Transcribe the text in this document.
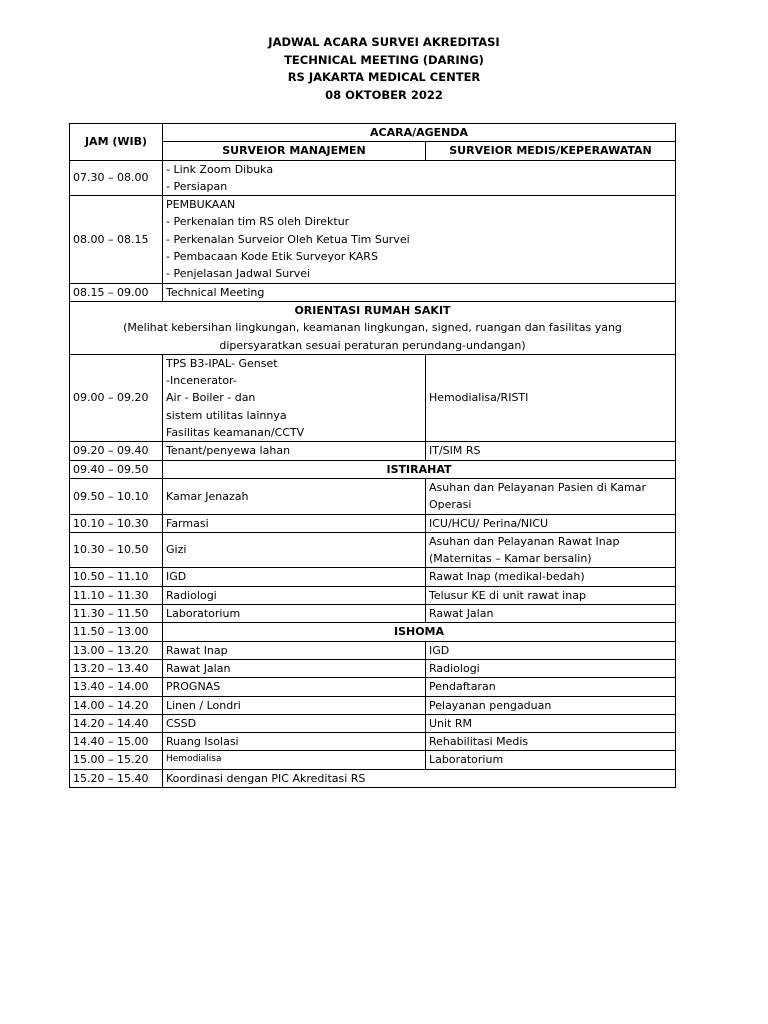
JADWAL ACARA SURVEI AKREDITASI
TECHNICAL MEETING (DARING)
RS JAKARTA MEDICAL CENTER
08 OKTOBER 2022
JAM (WIB)	ACARA/AGENDA	
	SURVEIOR MANAJEMEN	SURVEIOR MEDIS/KEPERAWATAN
07.30 – 08.00	- Link Zoom Dibuka
- Persiapan	

08.00 – 08.15	PEMBUKAAN
- Perkenalan tim RS oleh Direktur
- Perkenalan Surveior Oleh Ketua Tim Survei
- Pembacaan Kode Etik Surveyor KARS
- Penjelasan Jadwal Survei	

08.15 – 09.00	Technical Meeting	

ORIENTASI RUMAH SAKIT
(Melihat kebersihan lingkungan, keamanan lingkungan, signed, ruangan dan fasilitas yang
dipersyaratkan sesuai peraturan perundang-undangan)		

09.00 – 09.20	TPS B3-IPAL- Genset
-Incenerator-
Air - Boiler - dan
sistem utilitas lainnya
Fasilitas keamanan/CCTV	Hemodialisa/RISTI
09.20 – 09.40	Tenant/penyewa lahan	IT/SIM RS
09.40 – 09.50	ISTIRAHAT	
09.50 – 10.10	Kamar Jenazah	Asuhan dan Pelayanan Pasien di Kamar
Operasi

10.10 – 10.30	Farmasi	ICU/HCU/ Perina/NICU
10.30 – 10.50	Gizi	Asuhan dan Pelayanan Rawat Inap
(Maternitas – Kamar bersalin)

10.50 – 11.10	IGD	Rawat Inap (medikal-bedah)
11.10 – 11.30	Radiologi	Telusur KE di unit rawat inap
11.30 – 11.50	Laboratorium	Rawat Jalan
11.50 – 13.00	ISHOMA	
13.00 – 13.20	Rawat Inap	IGD
13.20 – 13.40	Rawat Jalan	Radiologi
13.40 – 14.00	PROGNAS	Pendaftaran
14.00 – 14.20	Linen / Londri	Pelayanan pengaduan
14.20 – 14.40	CSSD	Unit RM
14.40 – 15.00	Ruang Isolasi	Rehabilitasi Medis
15.00 – 15.20	Hemodialisa	Laboratorium
15.20 – 15.40	Koordinasi dengan PIC Akreditasi RS	
